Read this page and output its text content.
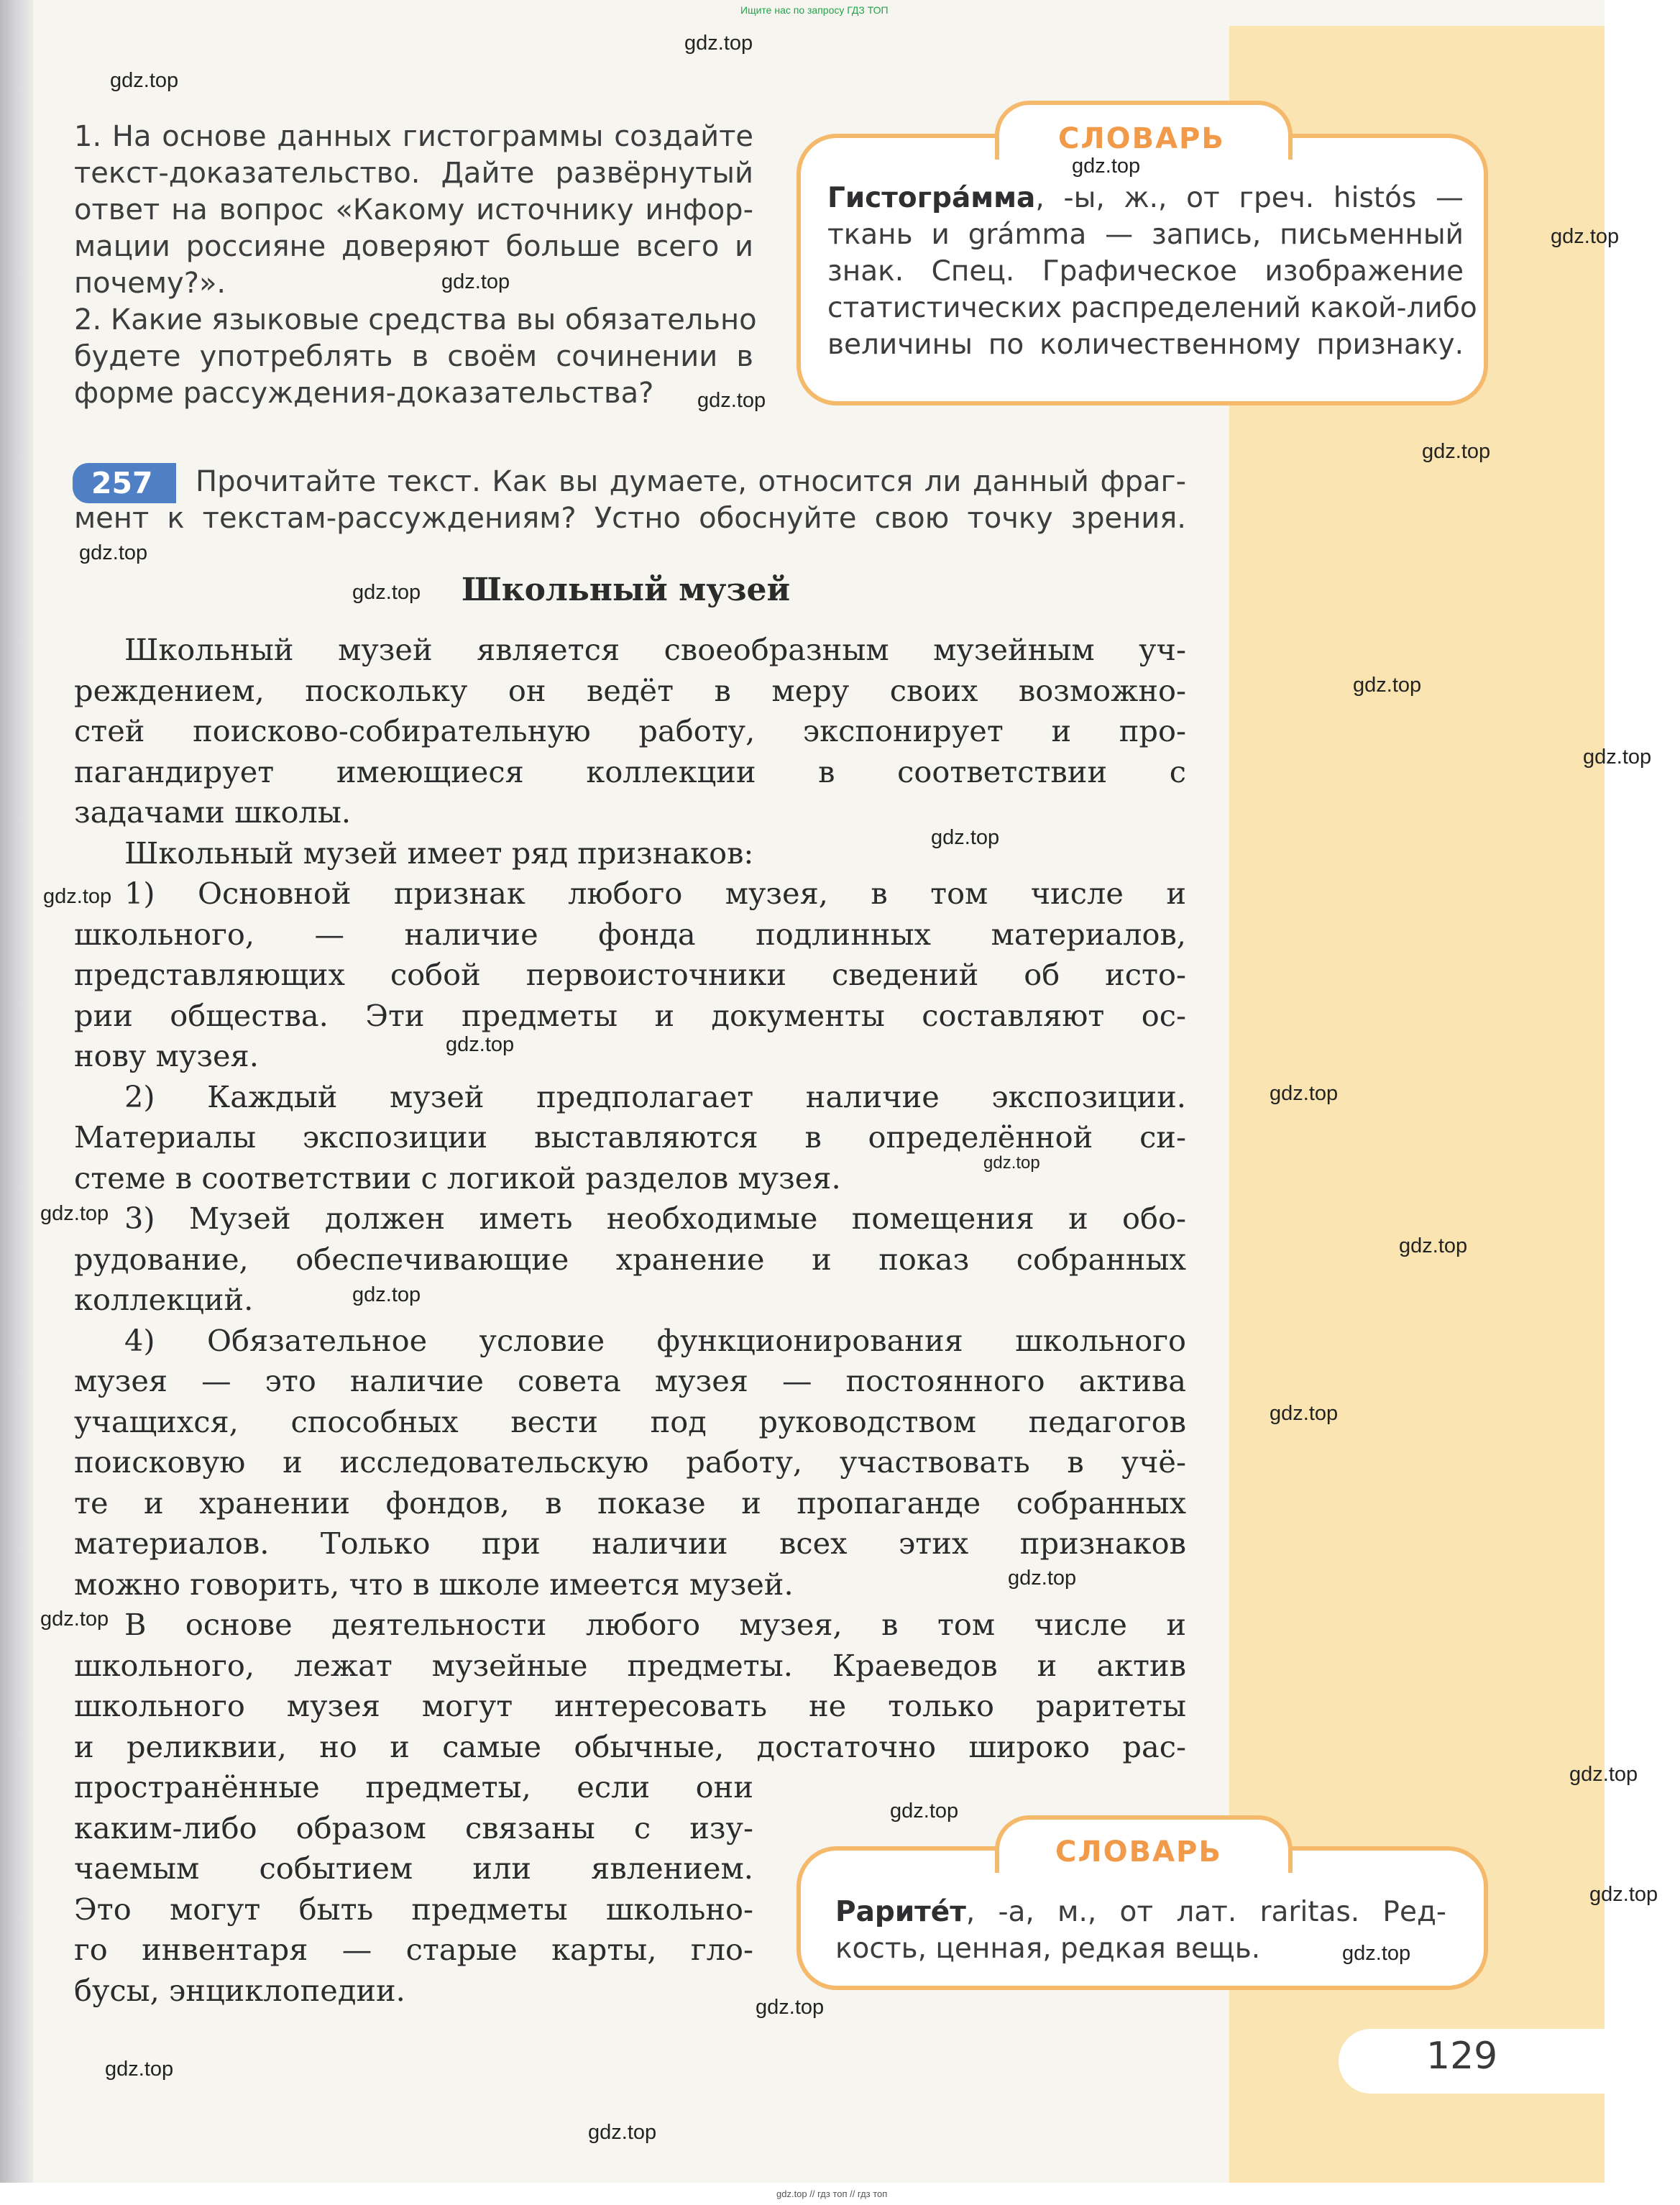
Ищите нас по запросу ГДЗ ТОП
1. На основе данных гистограммы создайте
текст-доказательство. Дайте развёрнутый
ответ на вопрос «Какому источнику инфор-
мации россияне доверяют больше всего и
почему?».
2. Какие языковые средства вы обязательно
будете употреблять в своём сочинении в
форме рассуждения-доказательства?
СЛОВАРЬ
Гистогра́мма, -ы, ж., от греч. histós —
ткань и grámma — запись, письменный
знак. Спец. Графическое изображение
статистических распределений какой-либо
величины по количественному признаку.
257	Прочитайте текст. Как вы думаете, относится ли данный фраг-
мент к текстам-рассуждениям? Устно обоснуйте свою точку зрения.
Школьный музей
Школьный музей является своеобразным музейным уч-
реждением, поскольку он ведёт в меру своих возможно-
стей поисково-собирательную работу, экспонирует и про-
пагандирует имеющиеся коллекции в соответствии с
задачами школы.
Школьный музей имеет ряд признаков:
1) Основной признак любого музея, в том числе и
школьного, — наличие фонда подлинных материалов,
представляющих собой первоисточники сведений об исто-
рии общества. Эти предметы и документы составляют ос-
нову музея.
2) Каждый музей предполагает наличие экспозиции.
Материалы экспозиции выставляются в определённой си-
стеме в соответствии с логикой разделов музея.
3) Музей должен иметь необходимые помещения и обо-
рудование, обеспечивающие хранение и показ собранных
коллекций.
4) Обязательное условие функционирования школьного
музея — это наличие совета музея — постоянного актива
учащихся, способных вести под руководством педагогов
поисковую и исследовательскую работу, участвовать в учё-
те и хранении фондов, в показе и пропаганде собранных
материалов. Только при наличии всех этих признаков
можно говорить, что в школе имеется музей.
В основе деятельности любого музея, в том числе и
школьного, лежат музейные предметы. Краеведов и актив
школьного музея могут интересовать не только раритеты
и реликвии, но и самые обычные, достаточно широко рас-
пространённые предметы, если они
каким-либо образом связаны с изу-
чаемым событием или явлением.
Это могут быть предметы школьно-
го инвентаря — старые карты, гло-
бусы, энциклопедии.
СЛОВАРЬ
Раритéт, -а, м., от лат. raritas. Ред-
кость, ценная, редкая вещь.
129
gdz.top
gdz.top
gdz.top
gdz.top
gdz.top
gdz.top
gdz.top
gdz.top
gdz.top
gdz.top
gdz.top
gdz.top
gdz.top
gdz.top
gdz.top
gdz.top
gdz.top
gdz.top
gdz.top
gdz.top
gdz.top
gdz.top
gdz.top
gdz.top
gdz.top
gdz.top
gdz.top
gdz.top
gdz.top
gdz.top // гдз топ // гдз топ
